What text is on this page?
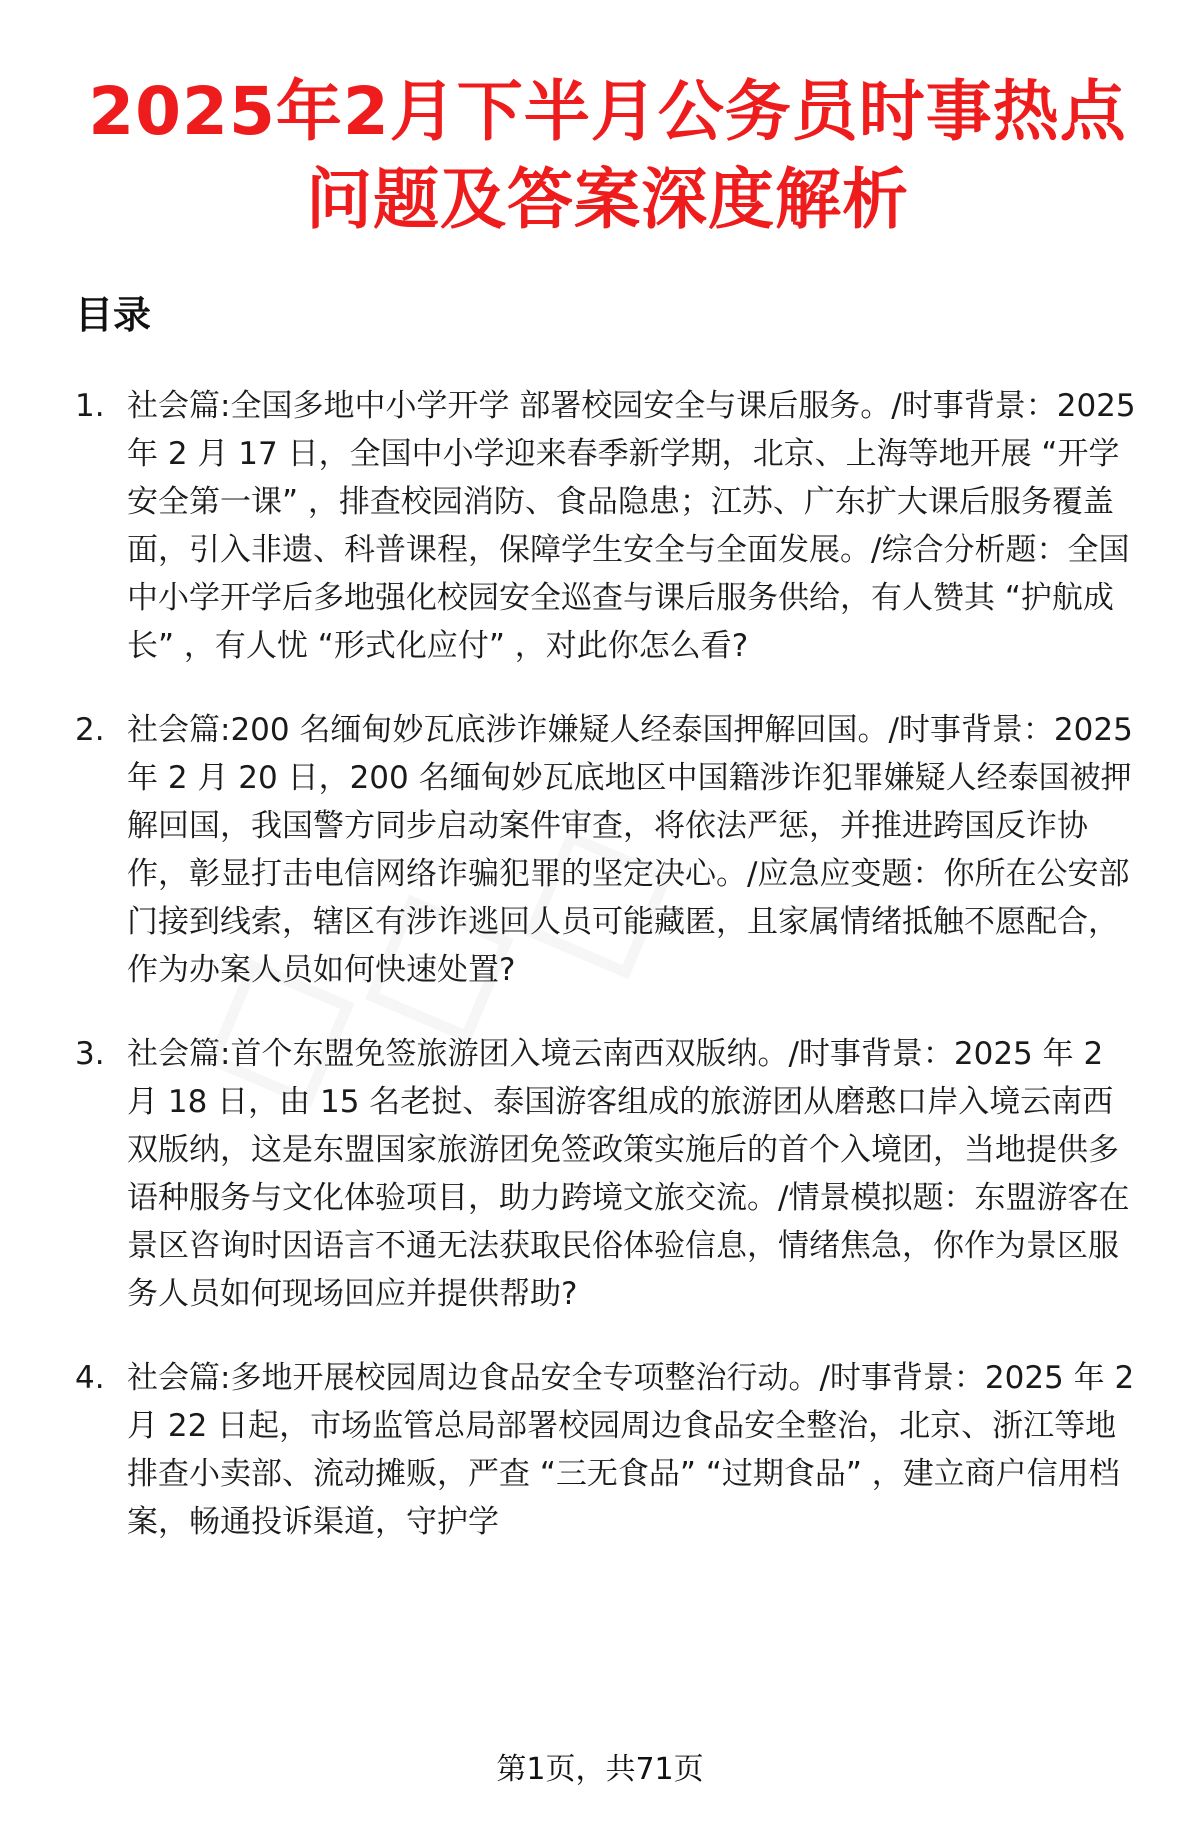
2025年2月下半月公务员时事热点
问题及答案深度解析
目录
1. 社会篇:全国多地中小学开学 部署校园安全与课后服务。/时事背景：2025 年 2 月 17 日，全国中小学迎来春季新学期，北京、上海等地开展 “开学安全第一课” ，排查校园消防、食品隐患；江苏、广东扩大课后服务覆盖面，引入非遗、科普课程，保障学生安全与全面发展。/综合分析题：全国中小学开学后多地强化校园安全巡查与课后服务供给，有人赞其 “护航成长” ，有人忧 “形式化应付” ，对此你怎么看?
2. 社会篇:200 名缅甸妙瓦底涉诈嫌疑人经泰国押解回国。/时事背景：2025 年 2 月 20 日，200 名缅甸妙瓦底地区中国籍涉诈犯罪嫌疑人经泰国被押解回国，我国警方同步启动案件审查，将依法严惩，并推进跨国反诈协作，彰显打击电信网络诈骗犯罪的坚定决心。/应急应变题：你所在公安部门接到线索，辖区有涉诈逃回人员可能藏匿，且家属情绪抵触不愿配合，作为办案人员如何快速处置?
3. 社会篇:首个东盟免签旅游团入境云南西双版纳。/时事背景：2025 年 2 月 18 日，由 15 名老挝、泰国游客组成的旅游团从磨憨口岸入境云南西双版纳，这是东盟国家旅游团免签政策实施后的首个入境团，当地提供多语种服务与文化体验项目，助力跨境文旅交流。/情景模拟题：东盟游客在景区咨询时因语言不通无法获取民俗体验信息，情绪焦急，你作为景区服务人员如何现场回应并提供帮助?
4. 社会篇:多地开展校园周边食品安全专项整治行动。/时事背景：2025 年 2 月 22 日起，市场监管总局部署校园周边食品安全整治，北京、浙江等地排查小卖部、流动摊贩，严查 “三无食品” “过期食品” ，建立商户信用档案，畅通投诉渠道，守护学
第1页，共71页
